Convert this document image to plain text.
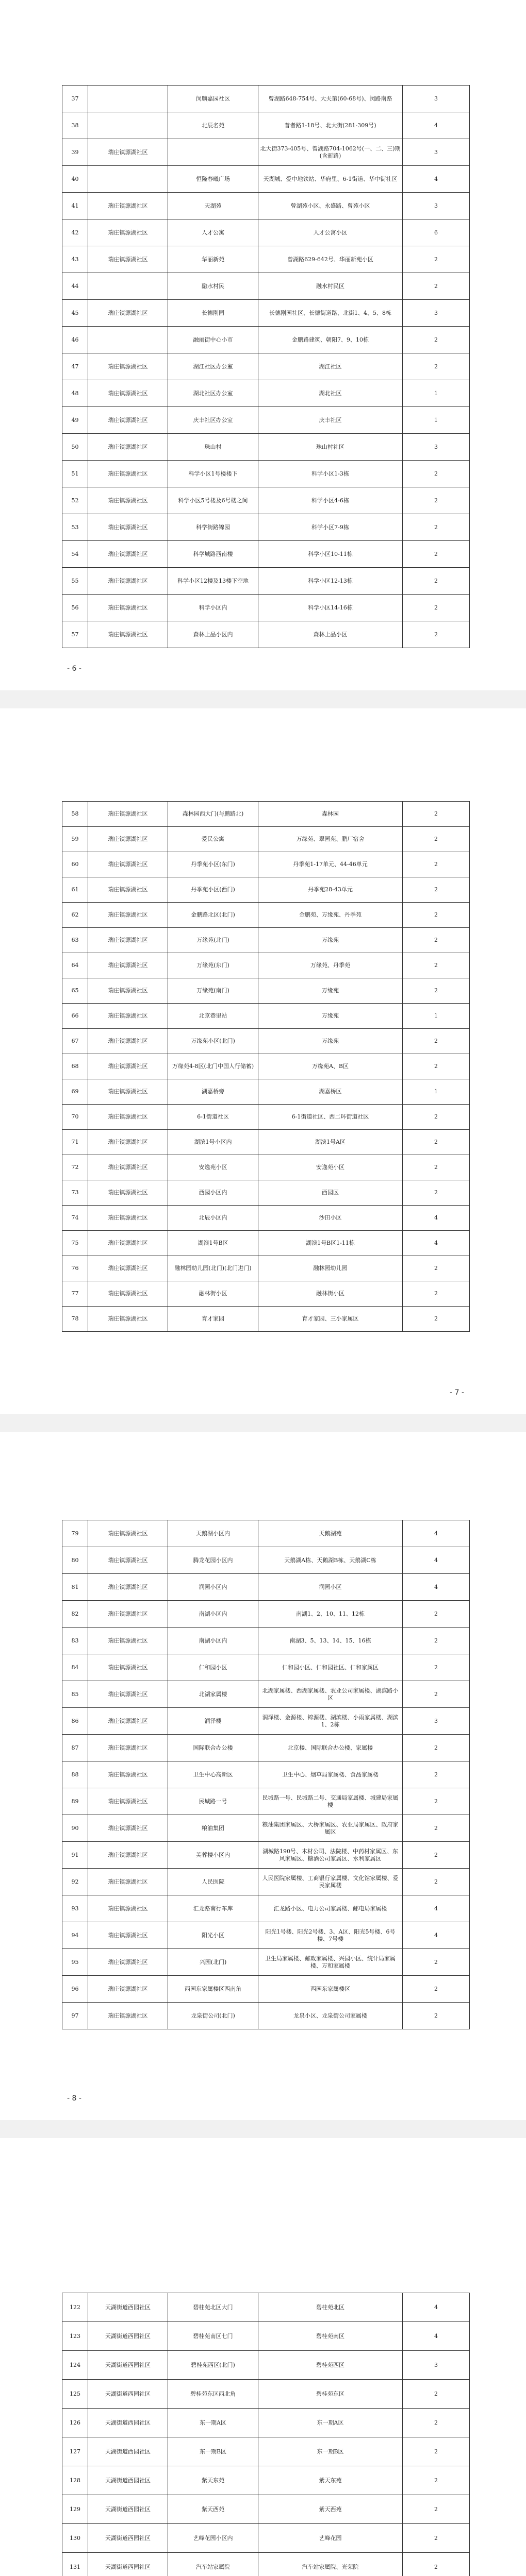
37		闵麟嘉园社区	曾湖路648-754号、大夫第(60-68号)、闵路南路	3
38		北辰名苑	普者路1-18号、北大街(281-309号)	4
39	瑞庄镇源湖社区		北大街373-405号、曾湖路704-1062号(一、二、三)期(含新路)	3
40		恒隆春曦广场	天湖城、爱中地铁站、华府里、6-1街道、华中街社区	4
41	瑞庄镇源湖社区	天湖苑	曾湖苑小区、永盛路、曾苑小区	3
42	瑞庄镇源湖社区	人才公寓	人才公寓小区	6
43	瑞庄镇源湖社区	华丽新苑	曾湖路629-642号、华丽新苑小区	2
44		融水村民	融水村民区	2
45	瑞庄镇源湖社区	长德刚园	长德刚园社区、长德街道路、北街1、4、5、8栋	3
46		融丽街中心小市	金鹏路建筑、朝阳7、9、10栋	2
47	瑞庄镇源湖社区	湖江社区办公室	湖江社区	2
48	瑞庄镇源湖社区	湖北社区办公室	湖北社区	1
49	瑞庄镇源湖社区	庆丰社区办公室	庆丰社区	1
50	瑞庄镇源湖社区	珠山村	珠山村社区	3
51	瑞庄镇源湖社区	科学小区1号楼楼下	科学小区1-3栋	2
52	瑞庄镇源湖社区	科学小区5号楼及6号楼之间	科学小区4-6栋	2
53	瑞庄镇源湖社区	科学街路锦园	科学小区7-9栋	2
54	瑞庄镇源湖社区	科学城路西南楼	科学小区10-11栋	2
55	瑞庄镇源湖社区	科学小区12楼及13楼下空地	科学小区12-13栋	2
56	瑞庄镇源湖社区	科学小区内	科学小区14-16栋	2
57	瑞庄镇源湖社区	森林上品小区内	森林上品小区	2
- 6 -
58	瑞庄镇源湖社区	森林园西大门(与鹏路北)	森林园	2
59	瑞庄镇源湖社区	爱民公寓	万缘苑、翠园苑、鹏厂宿舍	2
60	瑞庄镇源湖社区	丹季苑小区(东门)	丹季苑1-17单元、44-46单元	2
61	瑞庄镇源湖社区	丹季苑小区(西门)	丹季苑28-43单元	2
62	瑞庄镇源湖社区	金鹏路北区(北门)	金鹏苑、万缘苑、丹季苑	2
63	瑞庄镇源湖社区	万缘苑(北门)	万缘苑	2
64	瑞庄镇源湖社区	万缘苑(东门)	万缘苑、丹季苑	2
65	瑞庄镇源湖社区	万缘苑(南门)	万缘苑	2
66	瑞庄镇源湖社区	北京巷里站	万缘苑	1
67	瑞庄镇源湖社区	万缘苑小区(北门)	万缘苑	2
68	瑞庄镇源湖社区	万缘苑4-8区(北门中国人行储蓄)	万缘苑A、B区	2
69	瑞庄镇源湖社区	湖嘉桥旁	湖嘉桥区	1
70	瑞庄镇源湖社区	6-1街道社区	6-1街道社区、西二环街道社区	2
71	瑞庄镇源湖社区	湖滨1号小区内	湖滨1号A区	2
72	瑞庄镇源湖社区	安逸苑小区	安逸苑小区	2
73	瑞庄镇源湖社区	西园小区内	西园区	2
74	瑞庄镇源湖社区	北辰小区内	沙田小区	4
75	瑞庄镇源湖社区	湖滨1号B区	湖滨1号B区1-11栋	4
76	瑞庄镇源湖社区	融林园幼儿园(北门)(北门进门)	融林园幼儿园	2
77	瑞庄镇源湖社区	融林街小区	融林街小区	2
78	瑞庄镇源湖社区	育才家园	育才家园、三小家属区	2
- 7 -
79	瑞庄镇源湖社区	天鹅湖小区内	天鹅湖苑	4
80	瑞庄镇源湖社区	腾龙花园小区内	天鹅湖A栋、天鹅湖B栋、天鹅湖C栋	4
81	瑞庄镇源湖社区	润园小区内	润园小区	4
82	瑞庄镇源湖社区	南湖小区内	南湖1、2、10、11、12栋	2
83	瑞庄镇源湖社区	南湖小区内	南湖3、5、13、14、15、16栋	2
84	瑞庄镇源湖社区	仁和园小区	仁和园小区、仁和园社区、仁和家属区	2
85	瑞庄镇源湖社区	北湖家属楼	北湖家属楼、西湖家属楼、农业公司家属楼、湖滨路小区	2
86	瑞庄镇源湖社区	润泽楼	润泽楼、金源楼、锦源楼、湖滨楼、小雨家属楼、湖滨1、2栋	3
87	瑞庄镇源湖社区	国际联合办公楼	北京楼、国际联合办公楼、家属楼	2
88	瑞庄镇源湖社区	卫生中心高新区	卫生中心、烟草局家属楼、食品家属楼	2
89	瑞庄镇源湖社区	民城路一号	民城路一号、民城路二号、交通局家属楼、城建局家属楼	2
90	瑞庄镇源湖社区	粮油集团	粮油集团家属区、大桥家属区、农业局家属区、政府家属区	2
91	瑞庄镇源湖社区	芙蓉楼小区内	湖城路190号、木材公司、法院楼、中药材家属区、东风家属区、糖酒公司家属区、水利家属区	2
92	瑞庄镇源湖社区	人民医院	人民医院家属楼、工商银行家属楼、文化馆家属楼、爱民家属楼	2
93	瑞庄镇源湖社区	汇龙路南行车库	汇龙路小区、电力公司家属楼、邮电局家属楼	4
94	瑞庄镇源湖社区	阳光小区	阳光1号楼、阳光2号楼、3、A区、阳光5号楼、6号楼、7号楼	4
95	瑞庄镇源湖社区	兴园(北门)	卫生局家属楼、邮政家属楼、兴园小区、统计局家属楼、万和家属楼	2
96	瑞庄镇源湖社区	西园东家属楼区西南角	西园东家属楼区	2
97	瑞庄镇源湖社区	龙泉街公司(北门)	龙泉小区、龙泉街公司家属楼	2
- 8 -
122	天湖街道西园社区	碧桂苑北区大门	碧桂苑北区	4
123	天湖街道西园社区	碧桂苑南区七门	碧桂苑南区	4
124	天湖街道西园社区	碧桂苑西区(北门)	碧桂苑西区	3
125	天湖街道西园社区	碧桂苑东区西北角	碧桂苑东区	2
126	天湖街道西园社区	东一期A区	东一期A区	2
127	天湖街道西园社区	东一期B区	东一期B区	2
128	天湖街道西园社区	紫天东苑	紫天东苑	2
129	天湖街道西园社区	紫天西苑	紫天西苑	2
130	天湖街道西园社区	艺峰花园小区内	艺峰花园	2
131	天湖街道西园社区	汽车站家属院	汽车站家属院、光荣院	2
